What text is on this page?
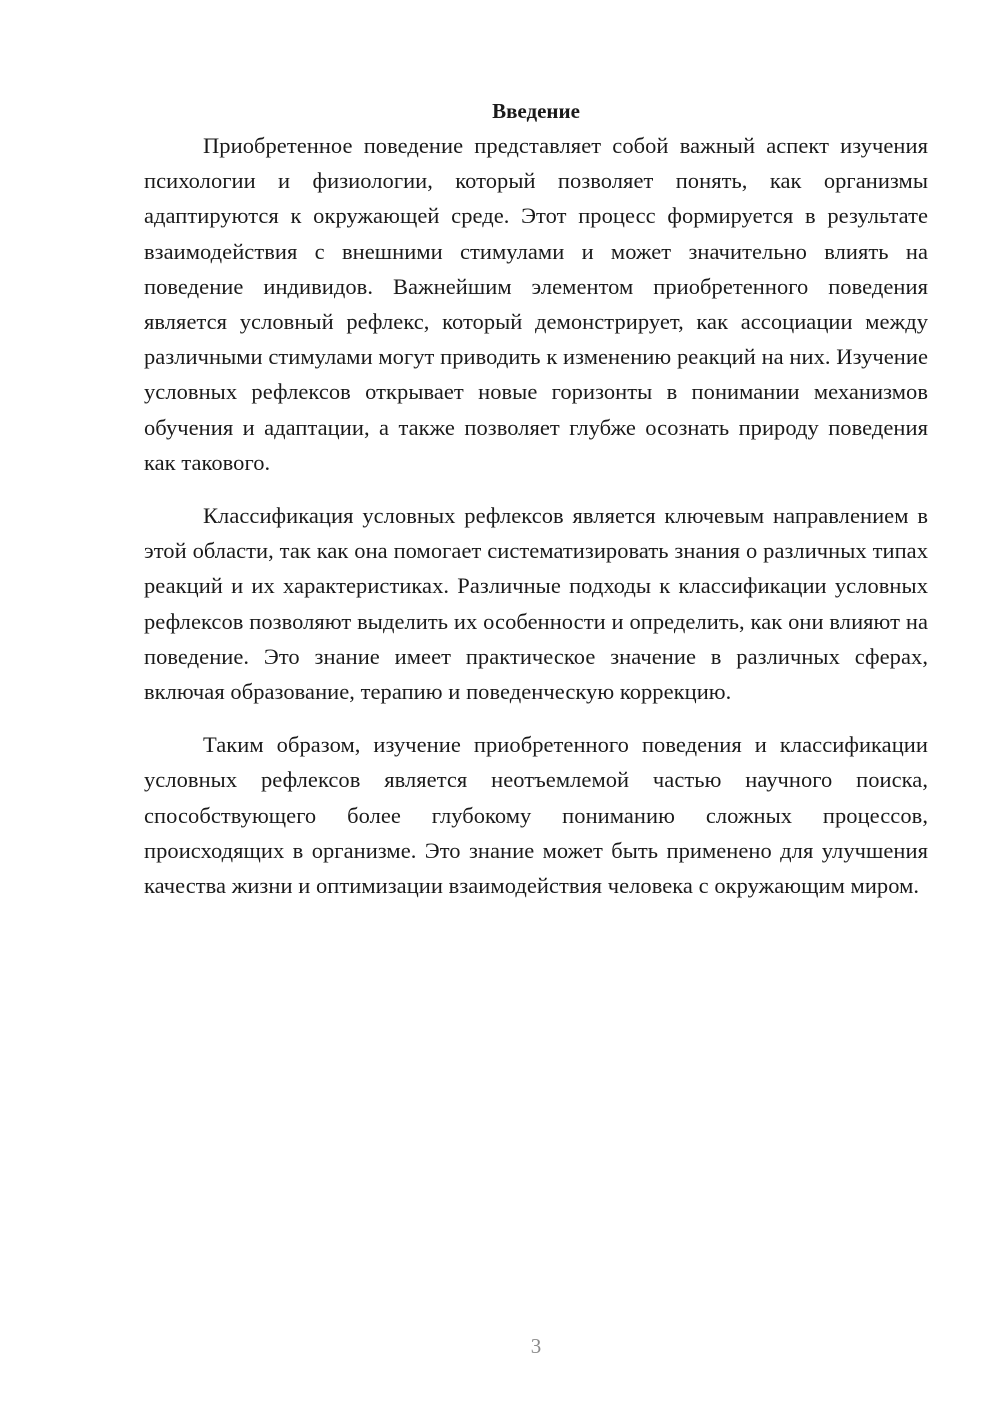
Введение

Приобретенное поведение представляет собой важный аспект изучения психологии и физиологии, который позволяет понять, как организмы адаптируются к окружающей среде. Этот процесс формируется в результате взаимодействия с внешними стимулами и может значительно влиять на поведение индивидов. Важнейшим элементом приобретенного поведения является условный рефлекс, который демонстрирует, как ассоциации между различными стимулами могут приводить к изменению реакций на них. Изучение условных рефлексов открывает новые горизонты в понимании механизмов обучения и адаптации, а также позволяет глубже осознать природу поведения как такового.

Классификация условных рефлексов является ключевым направлением в этой области, так как она помогает систематизировать знания о различных типах реакций и их характеристиках. Различные подходы к классификации условных рефлексов позволяют выделить их особенности и определить, как они влияют на поведение. Это знание имеет практическое значение в различных сферах, включая образование, терапию и поведенческую коррекцию.

Таким образом, изучение приобретенного поведения и классификации условных рефлексов является неотъемлемой частью научного поиска, способствующего более глубокому пониманию сложных процессов, происходящих в организме. Это знание может быть применено для улучшения качества жизни и оптимизации взаимодействия человека с окружающим миром.

3
